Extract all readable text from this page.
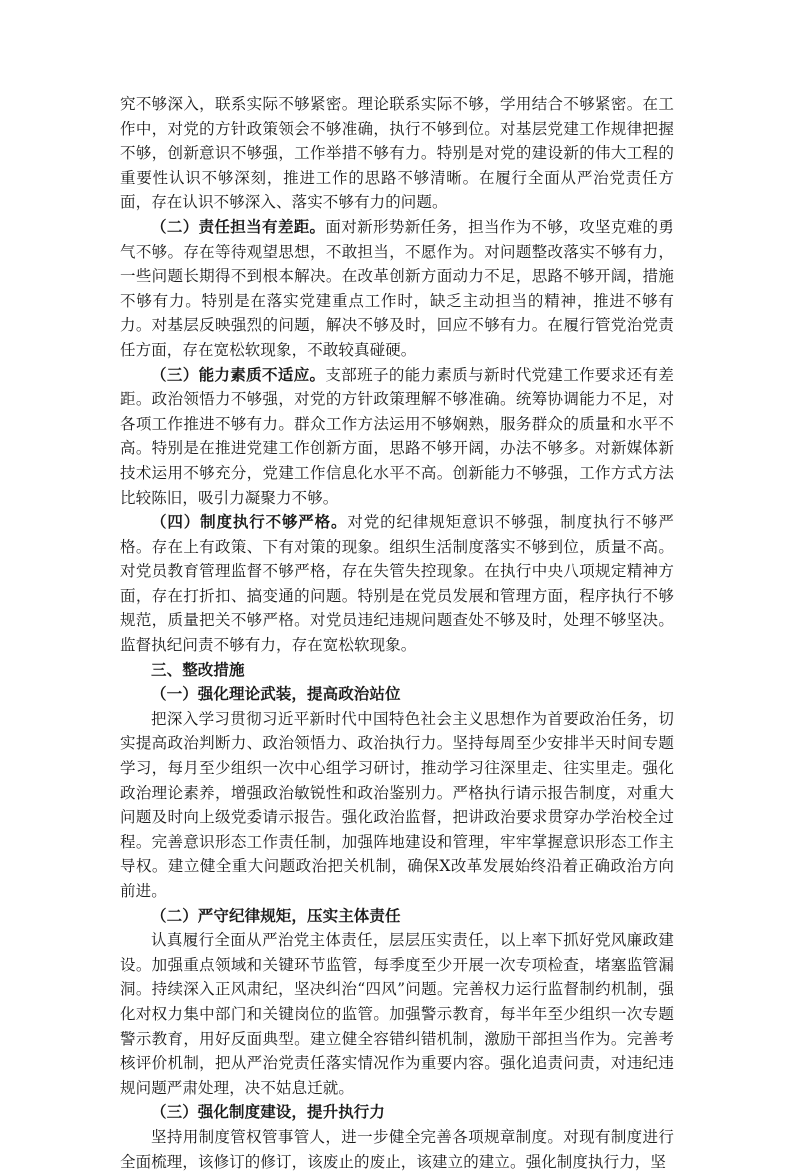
究不够深入，联系实际不够紧密。理论联系实际不够，学用结合不够紧密。在工作中，对党的方针政策领会不够准确，执行不够到位。对基层党建工作规律把握不够，创新意识不够强，工作举措不够有力。特别是对党的建设新的伟大工程的重要性认识不够深刻，推进工作的思路不够清晰。在履行全面从严治党责任方面，存在认识不够深入、落实不够有力的问题。

（二）责任担当有差距。面对新形势新任务，担当作为不够，攻坚克难的勇气不够。存在等待观望思想，不敢担当，不愿作为。对问题整改落实不够有力，一些问题长期得不到根本解决。在改革创新方面动力不足，思路不够开阔，措施不够有力。特别是在落实党建重点工作时，缺乏主动担当的精神，推进不够有力。对基层反映强烈的问题，解决不够及时，回应不够有力。在履行管党治党责任方面，存在宽松软现象，不敢较真碰硬。

（三）能力素质不适应。支部班子的能力素质与新时代党建工作要求还有差距。政治领悟力不够强，对党的方针政策理解不够准确。统筹协调能力不足，对各项工作推进不够有力。群众工作方法运用不够娴熟，服务群众的质量和水平不高。特别是在推进党建工作创新方面，思路不够开阔，办法不够多。对新媒体新技术运用不够充分，党建工作信息化水平不高。创新能力不够强，工作方式方法比较陈旧，吸引力凝聚力不够。

（四）制度执行不够严格。对党的纪律规矩意识不够强，制度执行不够严格。存在上有政策、下有对策的现象。组织生活制度落实不够到位，质量不高。对党员教育管理监督不够严格，存在失管失控现象。在执行中央八项规定精神方面，存在打折扣、搞变通的问题。特别是在党员发展和管理方面，程序执行不够规范，质量把关不够严格。对党员违纪违规问题查处不够及时，处理不够坚决。监督执纪问责不够有力，存在宽松软现象。

三、整改措施

（一）强化理论武装，提高政治站位

把深入学习贯彻习近平新时代中国特色社会主义思想作为首要政治任务，切实提高政治判断力、政治领悟力、政治执行力。坚持每周至少安排半天时间专题学习，每月至少组织一次中心组学习研讨，推动学习往深里走、往实里走。强化政治理论素养，增强政治敏锐性和政治鉴别力。严格执行请示报告制度，对重大问题及时向上级党委请示报告。强化政治监督，把讲政治要求贯穿办学治校全过程。完善意识形态工作责任制，加强阵地建设和管理，牢牢掌握意识形态工作主导权。建立健全重大问题政治把关机制，确保X改革发展始终沿着正确政治方向前进。

（二）严守纪律规矩，压实主体责任

认真履行全面从严治党主体责任，层层压实责任，以上率下抓好党风廉政建设。加强重点领域和关键环节监管，每季度至少开展一次专项检查，堵塞监管漏洞。持续深入正风肃纪，坚决纠治“四风”问题。完善权力运行监督制约机制，强化对权力集中部门和关键岗位的监管。加强警示教育，每半年至少组织一次专题警示教育，用好反面典型。建立健全容错纠错机制，激励干部担当作为。完善考核评价机制，把从严治党责任落实情况作为重要内容。强化追责问责，对违纪违规问题严肃处理，决不姑息迁就。

（三）强化制度建设，提升执行力

坚持用制度管权管事管人，进一步健全完善各项规章制度。对现有制度进行全面梳理，该修订的修订，该废止的废止，该建立的建立。强化制度执行力，坚
